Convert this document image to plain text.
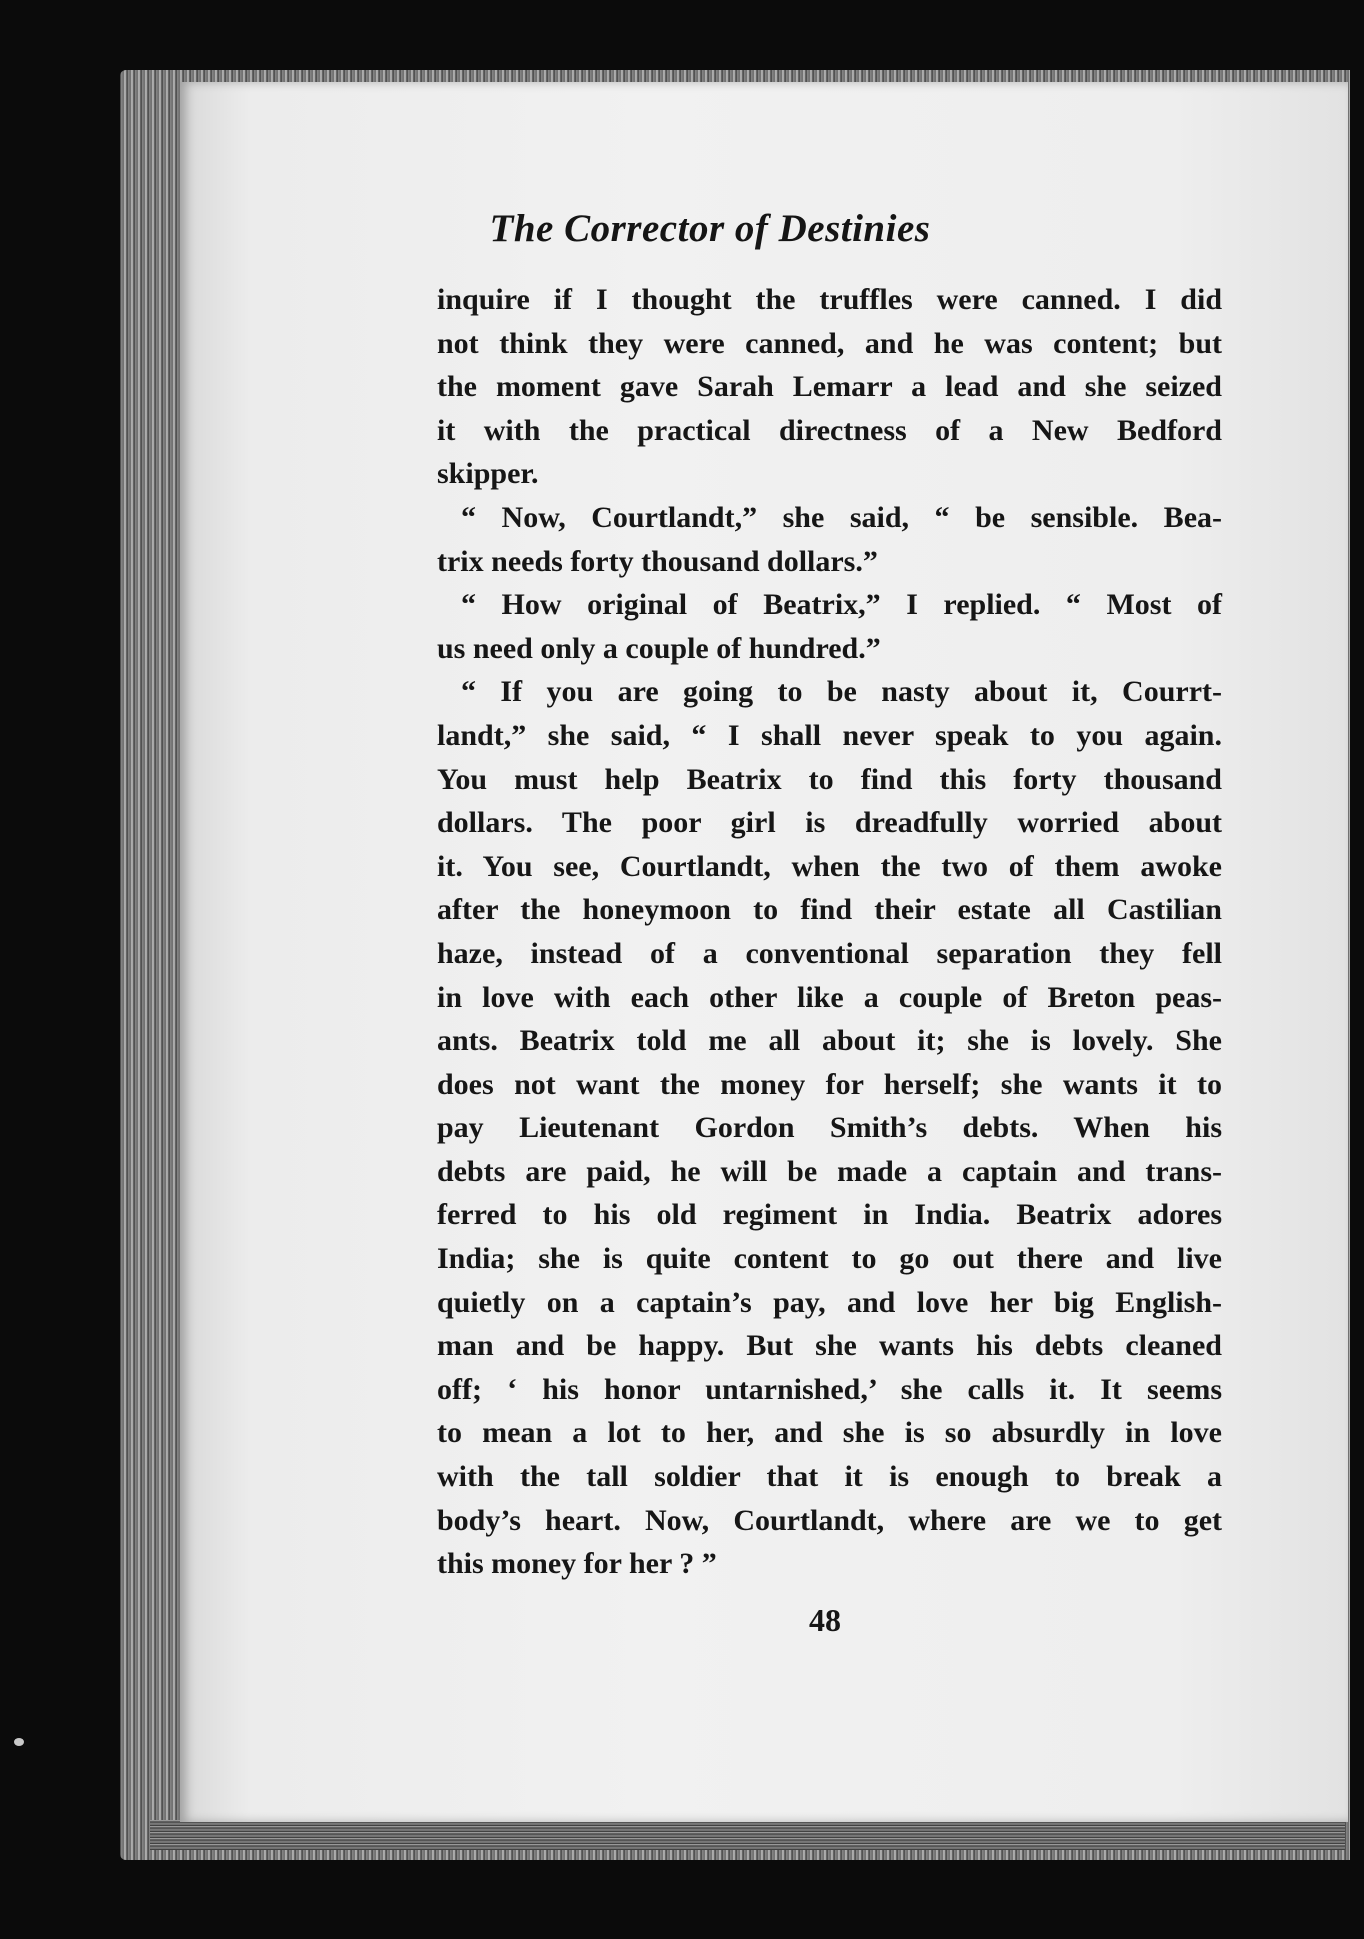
The Corrector of Destinies
inquire if I thought the truffles were canned. I did
not think they were canned, and he was content; but
the moment gave Sarah Lemarr a lead and she seized
it with the practical directness of a New Bedford
skipper.
“ Now, Courtlandt,” she said, “ be sensible. Bea-
trix needs forty thousand dollars.”
“ How original of Beatrix,” I replied. “ Most of
us need only a couple of hundred.”
“ If you are going to be nasty about it, Courrt-
landt,” she said, “ I shall never speak to you again.
You must help Beatrix to find this forty thousand
dollars. The poor girl is dreadfully worried about
it. You see, Courtlandt, when the two of them awoke
after the honeymoon to find their estate all Castilian
haze, instead of a conventional separation they fell
in love with each other like a couple of Breton peas-
ants. Beatrix told me all about it; she is lovely. She
does not want the money for herself; she wants it to
pay Lieutenant Gordon Smith’s debts. When his
debts are paid, he will be made a captain and trans-
ferred to his old regiment in India. Beatrix adores
India; she is quite content to go out there and live
quietly on a captain’s pay, and love her big English-
man and be happy. But she wants his debts cleaned
off; ‘ his honor untarnished,’ she calls it. It seems
to mean a lot to her, and she is so absurdly in love
with the tall soldier that it is enough to break a
body’s heart. Now, Courtlandt, where are we to get
this money for her ? ”
48
